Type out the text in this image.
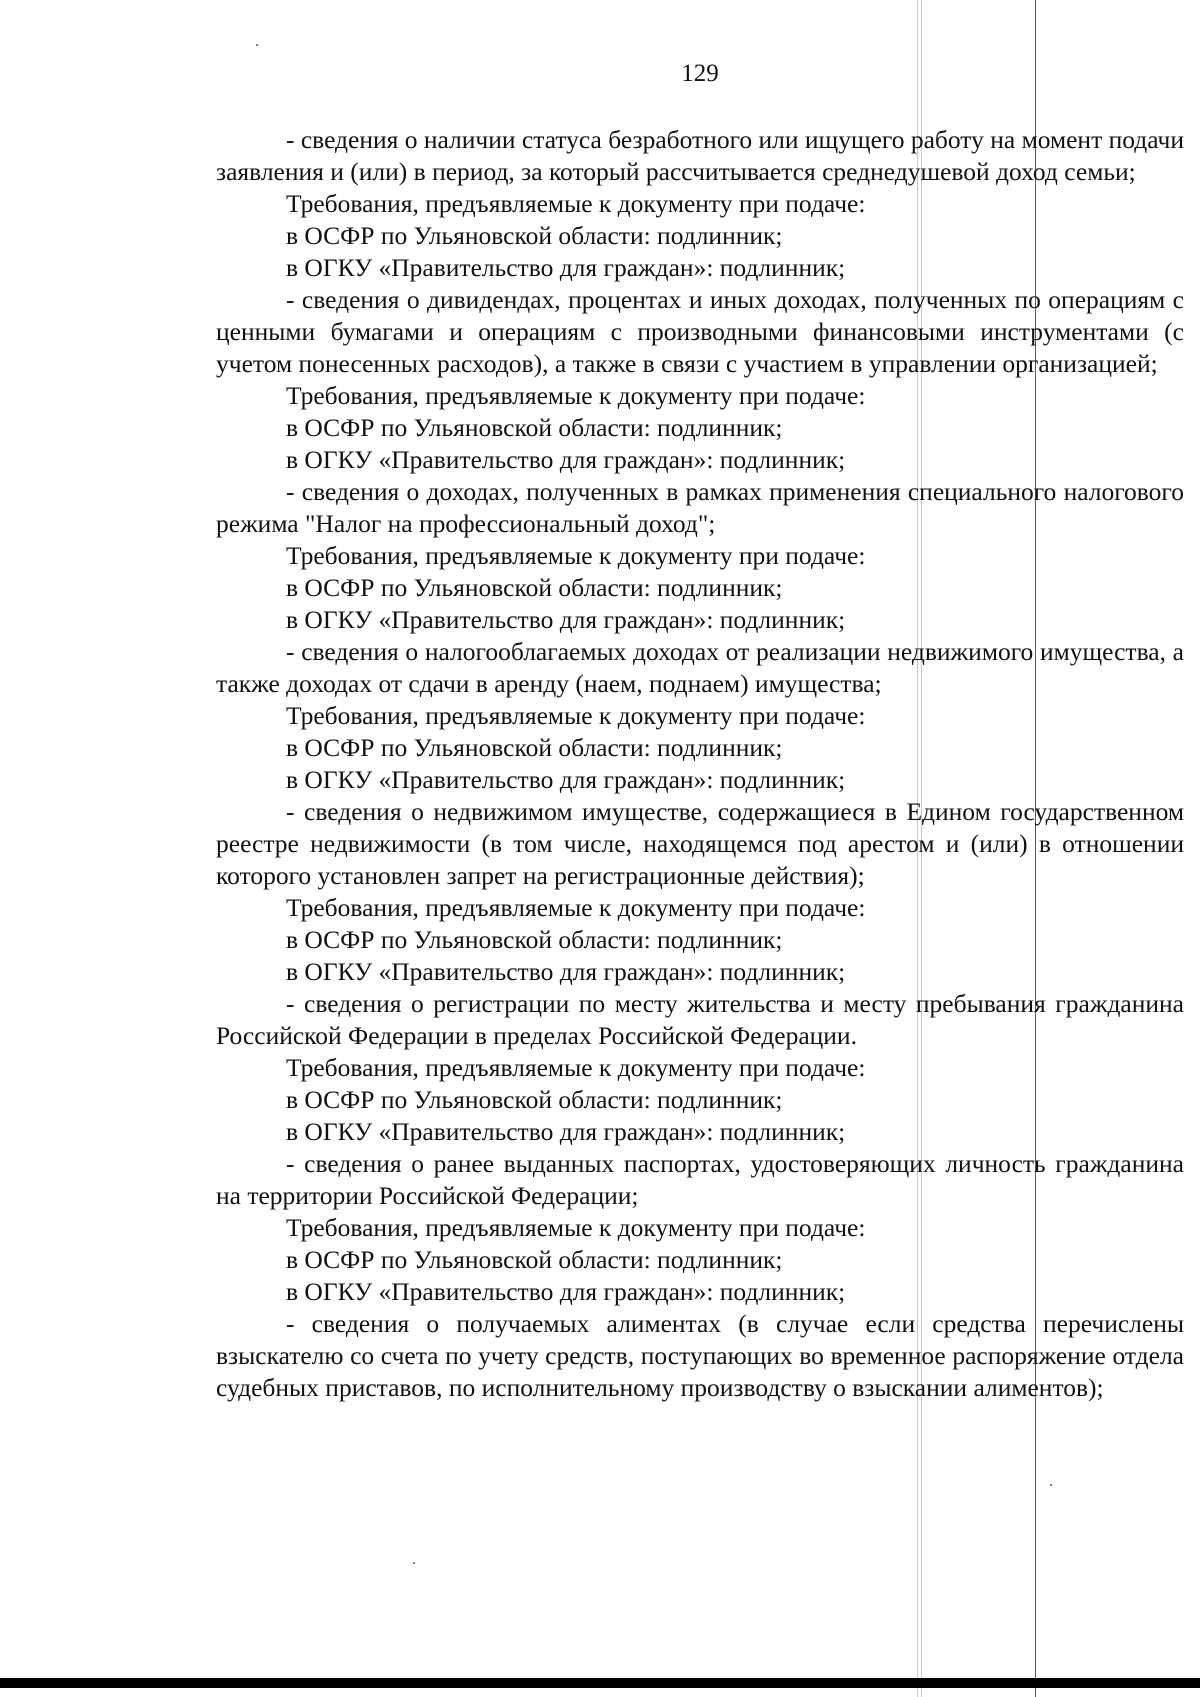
129

- сведения о наличии статуса безработного или ищущего работу на момент подачи заявления и (или) в период, за который рассчитывается среднедушевой доход семьи;

Требования, предъявляемые к документу при подаче:

в ОСФР по Ульяновской области: подлинник;

в ОГКУ «Правительство для граждан»: подлинник;

- сведения о дивидендах, процентах и иных доходах, полученных по операциям с ценными бумагами и операциям с производными финансовыми инструментами (с учетом понесенных расходов), а также в связи с участием в управлении организацией;

Требования, предъявляемые к документу при подаче:

в ОСФР по Ульяновской области: подлинник;

в ОГКУ «Правительство для граждан»: подлинник;

- сведения о доходах, полученных в рамках применения специального налогового режима "Налог на профессиональный доход";

Требования, предъявляемые к документу при подаче:

в ОСФР по Ульяновской области: подлинник;

в ОГКУ «Правительство для граждан»: подлинник;

- сведения о налогооблагаемых доходах от реализации недвижимого имущества, а также доходах от сдачи в аренду (наем, поднаем) имущества;

Требования, предъявляемые к документу при подаче:

в ОСФР по Ульяновской области: подлинник;

в ОГКУ «Правительство для граждан»: подлинник;

- сведения о недвижимом имуществе, содержащиеся в Едином государственном реестре недвижимости (в том числе, находящемся под арестом и (или) в отношении которого установлен запрет на регистрационные действия);

Требования, предъявляемые к документу при подаче:

в ОСФР по Ульяновской области: подлинник;

в ОГКУ «Правительство для граждан»: подлинник;

- сведения о регистрации по месту жительства и месту пребывания гражданина Российской Федерации в пределах Российской Федерации.

Требования, предъявляемые к документу при подаче:

в ОСФР по Ульяновской области: подлинник;

в ОГКУ «Правительство для граждан»: подлинник;

- сведения о ранее выданных паспортах, удостоверяющих личность гражданина на территории Российской Федерации;

Требования, предъявляемые к документу при подаче:

в ОСФР по Ульяновской области: подлинник;

в ОГКУ «Правительство для граждан»: подлинник;

- сведения о получаемых алиментах (в случае если средства перечислены взыскателю со счета по учету средств, поступающих во временное распоряжение отдела судебных приставов, по исполнительному производству о взыскании алиментов);
